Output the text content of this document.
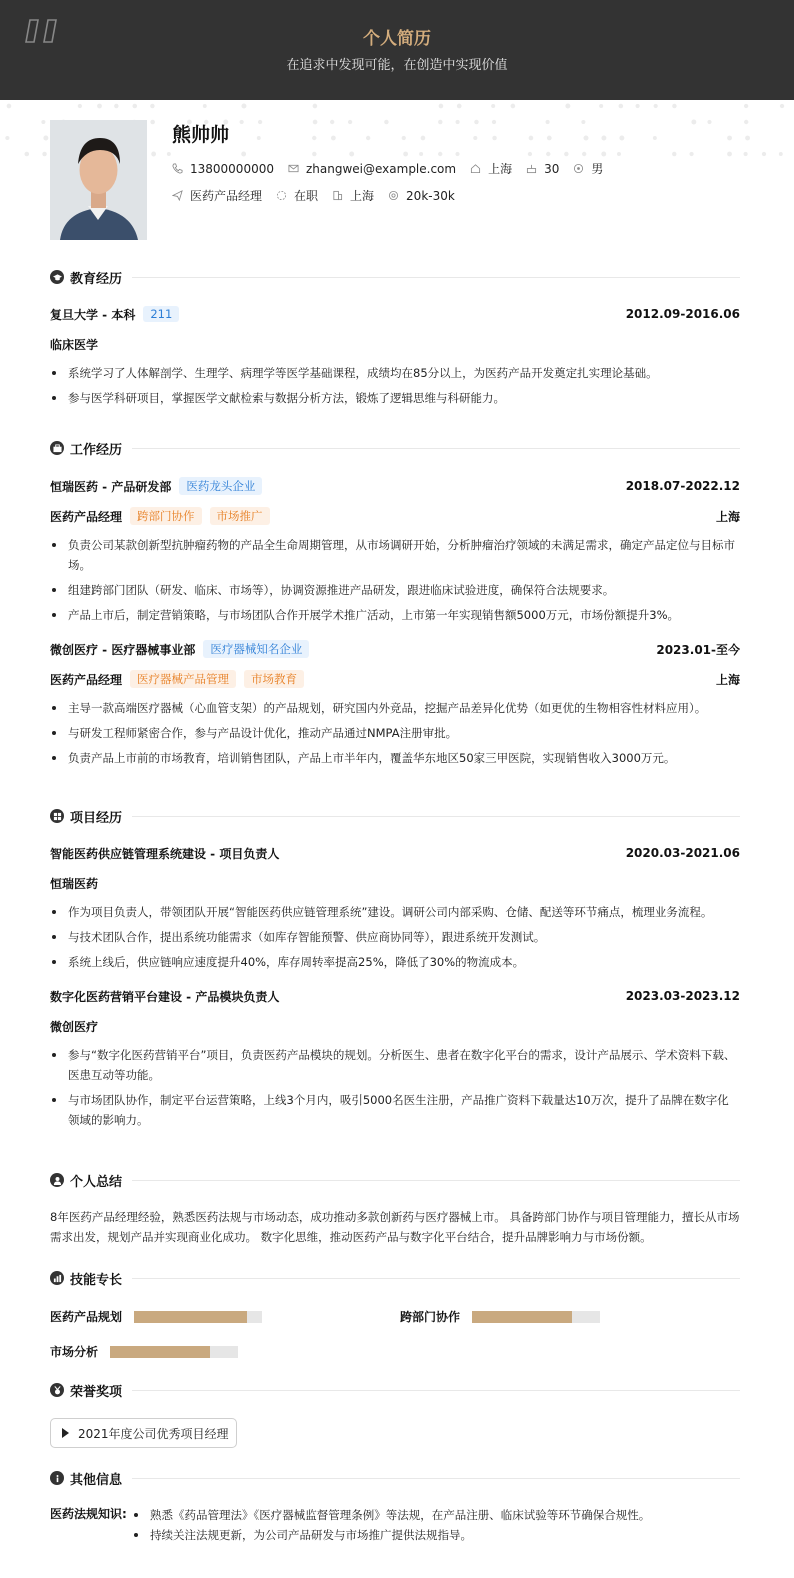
个人简历
在追求中发现可能，在创造中实现价值
熊帅帅
13800000000	zhangwei@example.com	上海	30	男
医药产品经理	在职	上海	20k-30k
教育经历
复旦大学 - 本科	211	2012.09-2016.06
临床医学
系统学习了人体解剖学、生理学、病理学等医学基础课程，成绩均在85分以上，为医药产品开发奠定扎实理论基础。
参与医学科研项目，掌握医学文献检索与数据分析方法，锻炼了逻辑思维与科研能力。
工作经历
恒瑞医药 - 产品研发部	医药龙头企业	2018.07-2022.12
医药产品经理	跨部门协作	市场推广	上海
负责公司某款创新型抗肿瘤药物的产品全生命周期管理，从市场调研开始，分析肿瘤治疗领域的未满足需求，确定产品定位与目标市场。
组建跨部门团队（研发、临床、市场等），协调资源推进产品研发，跟进临床试验进度，确保符合法规要求。
产品上市后，制定营销策略，与市场团队合作开展学术推广活动，上市第一年实现销售额5000万元，市场份额提升3%。
微创医疗 - 医疗器械事业部	医疗器械知名企业	2023.01-至今
医药产品经理	医疗器械产品管理	市场教育	上海
主导一款高端医疗器械（心血管支架）的产品规划，研究国内外竞品，挖掘产品差异化优势（如更优的生物相容性材料应用）。
与研发工程师紧密合作，参与产品设计优化，推动产品通过NMPA注册审批。
负责产品上市前的市场教育，培训销售团队，产品上市半年内，覆盖华东地区50家三甲医院，实现销售收入3000万元。
项目经历
智能医药供应链管理系统建设 - 项目负责人	2020.03-2021.06
恒瑞医药
作为项目负责人，带领团队开展“智能医药供应链管理系统”建设。调研公司内部采购、仓储、配送等环节痛点，梳理业务流程。
与技术团队合作，提出系统功能需求（如库存智能预警、供应商协同等），跟进系统开发测试。
系统上线后，供应链响应速度提升40%，库存周转率提高25%，降低了30%的物流成本。
数字化医药营销平台建设 - 产品模块负责人	2023.03-2023.12
微创医疗
参与“数字化医药营销平台”项目，负责医药产品模块的规划。分析医生、患者在数字化平台的需求，设计产品展示、学术资料下载、医患互动等功能。
与市场团队协作，制定平台运营策略，上线3个月内，吸引5000名医生注册，产品推广资料下载量达10万次，提升了品牌在数字化领域的影响力。
个人总结
8年医药产品经理经验，熟悉医药法规与市场动态，成功推动多款创新药与医疗器械上市。 具备跨部门协作与项目管理能力，擅长从市场需求出发，规划产品并实现商业化成功。 数字化思维，推动医药产品与数字化平台结合，提升品牌影响力与市场份额。
技能专长
医药产品规划	跨部门协作
市场分析
荣誉奖项
2021年度公司优秀项目经理
其他信息
医药法规知识:	熟悉《药品管理法》《医疗器械监督管理条例》等法规，在产品注册、临床试验等环节确保合规性。
持续关注法规更新，为公司产品研发与市场推广提供法规指导。
